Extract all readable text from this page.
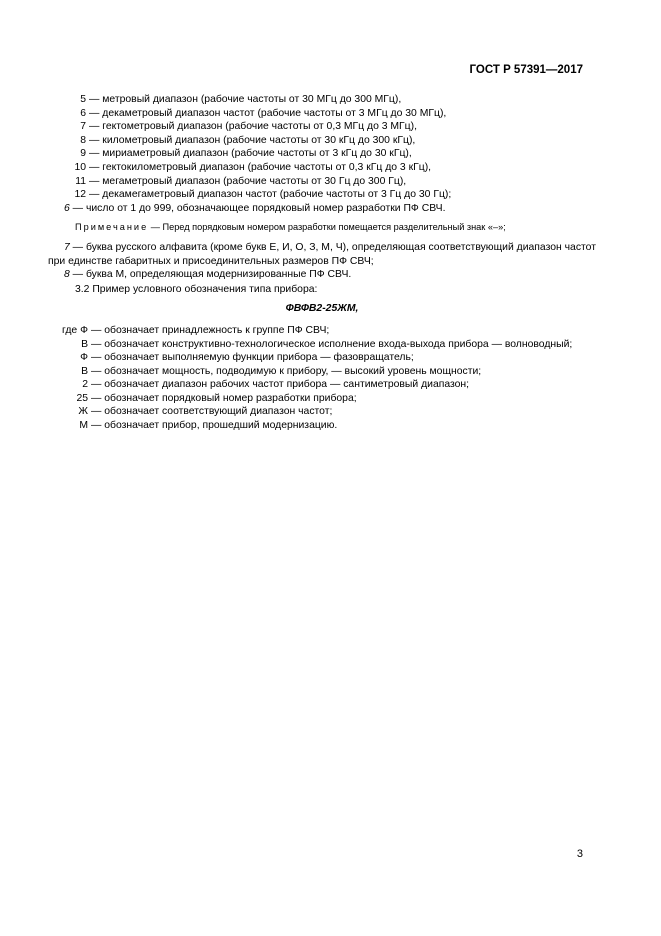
ГОСТ Р 57391—2017
5 — метровый диапазон (рабочие частоты от 30 МГц до 300 МГц),
6 — декаметровый диапазон частот (рабочие частоты от 3 МГц до 30 МГц),
7 — гектометровый диапазон (рабочие частоты от 0,3 МГц до 3 МГц),
8 — километровый диапазон (рабочие частоты от 30 кГц до 300 кГц),
9 — мириаметровый диапазон (рабочие частоты от 3 кГц до 30 кГц),
10 — гектокилометровый диапазон (рабочие частоты от 0,3 кГц до 3 кГц),
11 — мегаметровый диапазон (рабочие частоты от 30 Гц до 300 Гц),
12 — декамегаметровый диапазон частот (рабочие частоты от 3 Гц до 30 Гц);

6 — число от 1 до 999, обозначающее порядковый номер разработки ПФ СВЧ.

Примечание — Перед порядковым номером разработки помещается разделительный знак «–»;

7 — буква русского алфавита (кроме букв Е, И, О, З, М, Ч), определяющая соответствующий диапазон частот при единстве габаритных и присоединительных размеров ПФ СВЧ;

8 — буква М, определяющая модернизированные ПФ СВЧ.

3.2 Пример условного обозначения типа прибора:
ФВФВ2-25ЖМ,
где Ф — обозначает принадлежность к группе ПФ СВЧ;
В — обозначает конструктивно-технологическое исполнение входа-выхода прибора — волноводный;
Ф — обозначает выполняемую функции прибора — фазовращатель;
В — обозначает мощность, подводимую к прибору, — высокий уровень мощности;
2 — обозначает диапазон рабочих частот прибора — сантиметровый диапазон;
25 — обозначает порядковый номер разработки прибора;
Ж — обозначает соответствующий диапазон частот;
М — обозначает прибор, прошедший модернизацию.
3
